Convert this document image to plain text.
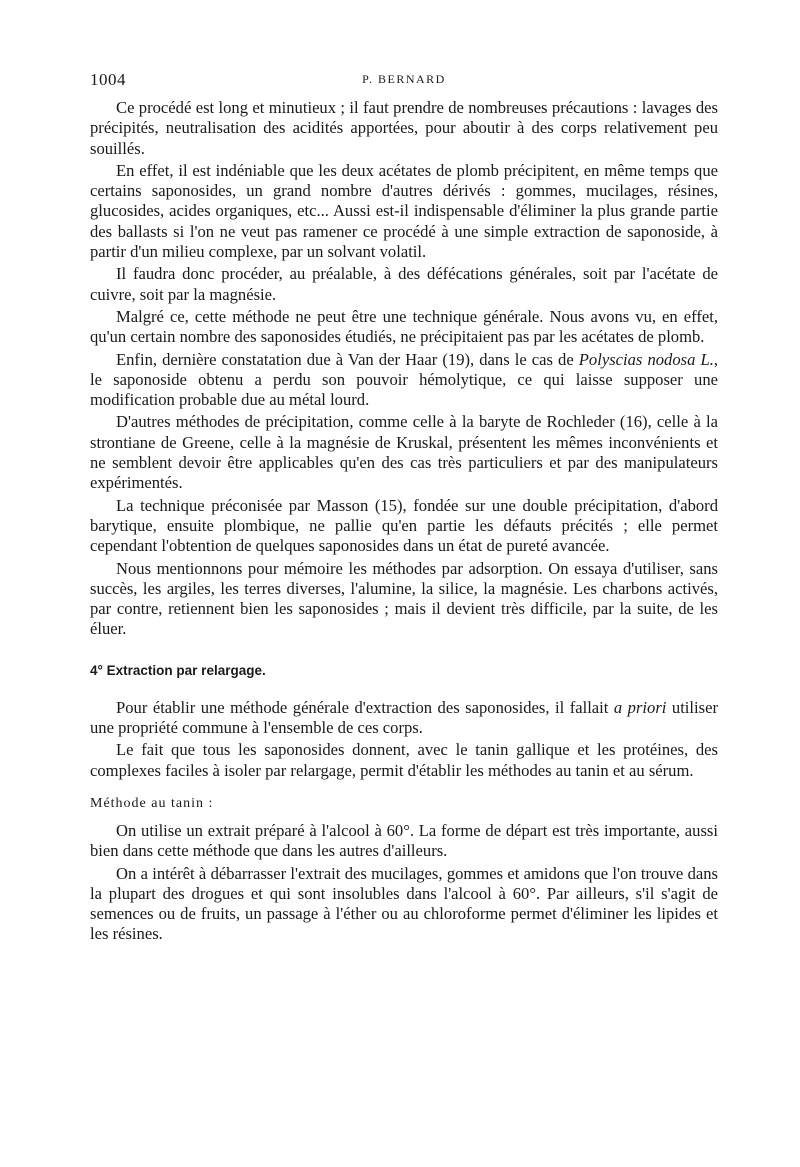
1004	P. BERNARD

Ce procédé est long et minutieux ; il faut prendre de nombreuses précautions : lavages des précipités, neutralisation des acidités apportées, pour aboutir à des corps relativement peu souillés.

En effet, il est indéniable que les deux acétates de plomb précipitent, en même temps que certains saponosides, un grand nombre d'autres dérivés : gommes, mucilages, résines, glucosides, acides organiques, etc... Aussi est-il indispensable d'éliminer la plus grande partie des ballasts si l'on ne veut pas ramener ce procédé à une simple extraction de saponoside, à partir d'un milieu complexe, par un solvant volatil.

Il faudra donc procéder, au préalable, à des défécations générales, soit par l'acétate de cuivre, soit par la magnésie.

Malgré ce, cette méthode ne peut être une technique générale. Nous avons vu, en effet, qu'un certain nombre des saponosides étudiés, ne précipitaient pas par les acétates de plomb.

Enfin, dernière constatation due à Van der Haar (19), dans le cas de Polyscias nodosa L., le saponoside obtenu a perdu son pouvoir hémolytique, ce qui laisse supposer une modification probable due au métal lourd.

D'autres méthodes de précipitation, comme celle à la baryte de Rochleder (16), celle à la strontiane de Greene, celle à la magnésie de Kruskal, présentent les mêmes inconvénients et ne semblent devoir être applicables qu'en des cas très particuliers et par des manipulateurs expérimentés.

La technique préconisée par Masson (15), fondée sur une double précipitation, d'abord barytique, ensuite plombique, ne pallie qu'en partie les défauts précités ; elle permet cependant l'obtention de quelques saponosides dans un état de pureté avancée.

Nous mentionnons pour mémoire les méthodes par adsorption. On essaya d'utiliser, sans succès, les argiles, les terres diverses, l'alumine, la silice, la magnésie. Les charbons activés, par contre, retiennent bien les saponosides ; mais il devient très difficile, par la suite, de les éluer.

4° Extraction par relargage.

Pour établir une méthode générale d'extraction des saponosides, il fallait a priori utiliser une propriété commune à l'ensemble de ces corps.

Le fait que tous les saponosides donnent, avec le tanin gallique et les protéines, des complexes faciles à isoler par relargage, permit d'établir les méthodes au tanin et au sérum.

Méthode au tanin :

On utilise un extrait préparé à l'alcool à 60°. La forme de départ est très importante, aussi bien dans cette méthode que dans les autres d'ailleurs.

On a intérêt à débarrasser l'extrait des mucilages, gommes et amidons que l'on trouve dans la plupart des drogues et qui sont insolubles dans l'alcool à 60°. Par ailleurs, s'il s'agit de semences ou de fruits, un passage à l'éther ou au chloroforme permet d'éliminer les lipides et les résines.
